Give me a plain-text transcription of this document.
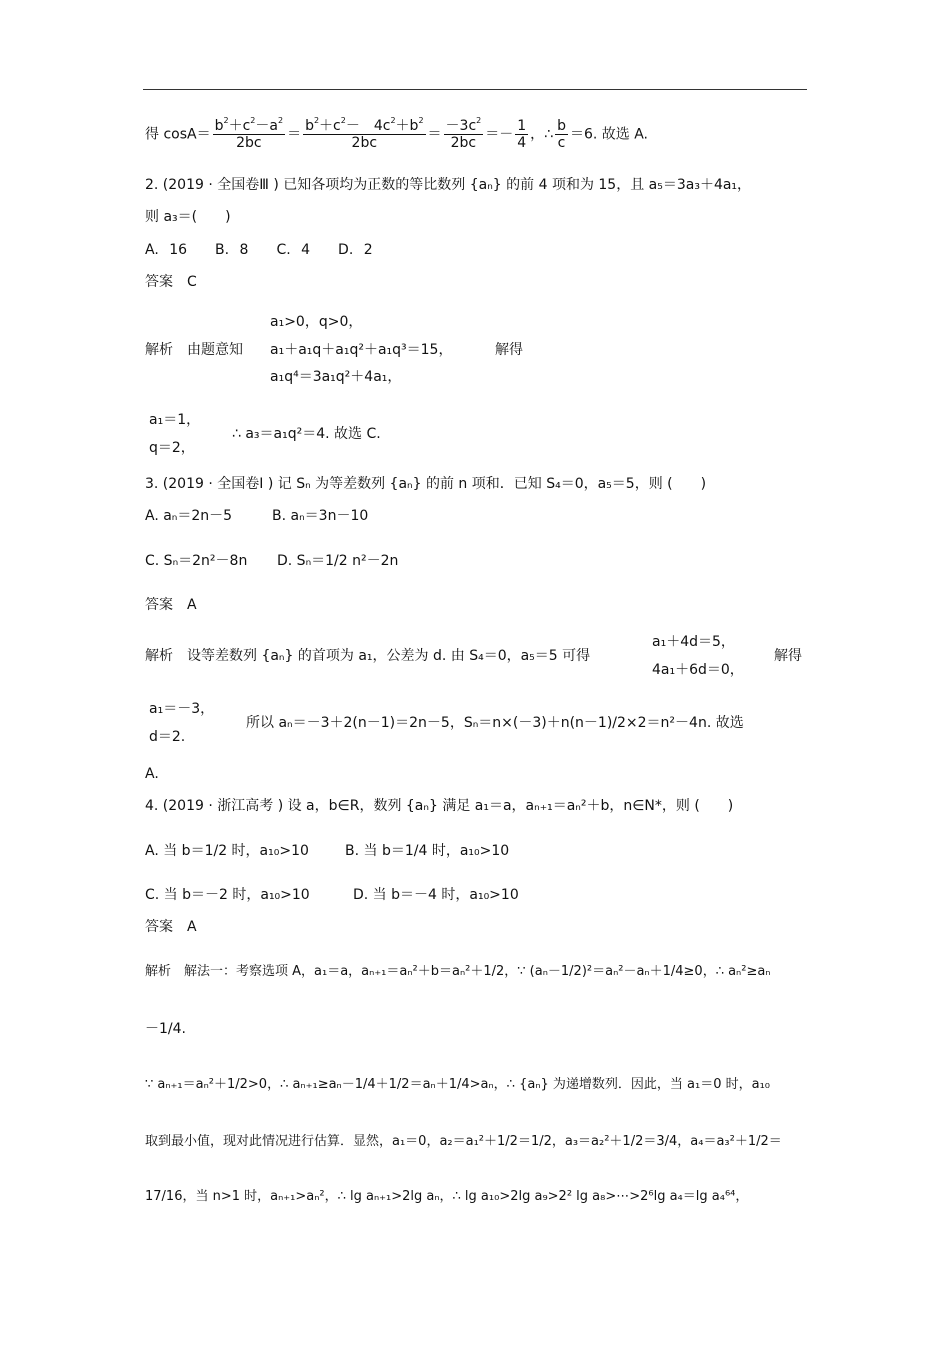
得 $\cos A= \frac{b^2+c^2-a^2}{2bc} = \frac{b^2+c^2- 4c^2+b^2}{2bc} = \frac{-3c^2}{2bc} =- \frac{1}{4}$ ，∴ $\frac{b}{c} =6$. 故选 A.
2. (2019 · 全国卷Ⅲ ) 已知各项均为正数的等比数列 {aₙ} 的前 4 项和为 15，且 a₅＝3a₃＋4a₁，
则 a₃＝(　　)
A. 16　　B. 8　　C. 4　　D. 2
答案　C
解析　由题意知
a₁>0，q>0，
a₁＋a₁q＋a₁q²＋a₁q³＝15，
a₁q⁴＝3a₁q²＋4a₁，
解得
a₁＝1，
q＝2，
∴ a₃＝a₁q²＝4. 故选 C.
3. (2019 · 全国卷Ⅰ ) 记 Sₙ 为等差数列 {aₙ} 的前 n 项和．已知 S₄＝0，a₅＝5，则 (　　)
A. aₙ＝2n－5	B. aₙ＝3n－10
C. Sₙ＝2n²－8n D. Sₙ＝1/2 n²－2n
答案　A
解析　设等差数列 {aₙ} 的首项为 a₁，公差为 d. 由 S₄＝0，a₅＝5 可得
a₁＋4d＝5，
4a₁＋6d＝0，
解得
a₁＝－3，
d＝2.
所以 aₙ＝－3＋2(n－1)＝2n－5，Sₙ＝n×(－3)＋n(n－1)/2×2＝n²－4n. 故选
A.
4. (2019 · 浙江高考 ) 设 a，b∈R，数列 {aₙ} 满足 a₁＝a，aₙ₊₁＝aₙ²＋b，n∈N*，则 (　　)
A. 当 b＝1/2 时，a₁₀>10	B. 当 b＝1/4 时，a₁₀>10
C. 当 b＝－2 时，a₁₀>10	D. 当 b＝－4 时，a₁₀>10
答案　A
解析　解法一：考察选项 A，a₁＝a，aₙ₊₁＝aₙ²＋b＝aₙ²＋1/2，∵ (aₙ－1/2)²＝aₙ²－aₙ＋1/4≥0，∴ aₙ²≥aₙ
－1/4.
∵ aₙ₊₁＝aₙ²＋1/2>0，∴ aₙ₊₁≥aₙ－1/4＋1/2＝aₙ＋1/4>aₙ，∴ {aₙ} 为递增数列．因此，当 a₁＝0 时，a₁₀
取到最小值，现对此情况进行估算．显然，a₁＝0，a₂＝a₁²＋1/2＝1/2，a₃＝a₂²＋1/2＝3/4，a₄＝a₃²＋1/2＝
17/16，当 n>1 时，aₙ₊₁>aₙ²，∴ lg aₙ₊₁>2lg aₙ，∴ lg a₁₀>2lg a₉>2² lg a₈>⋯>2⁶lg a₄＝lg a₄⁶⁴，
